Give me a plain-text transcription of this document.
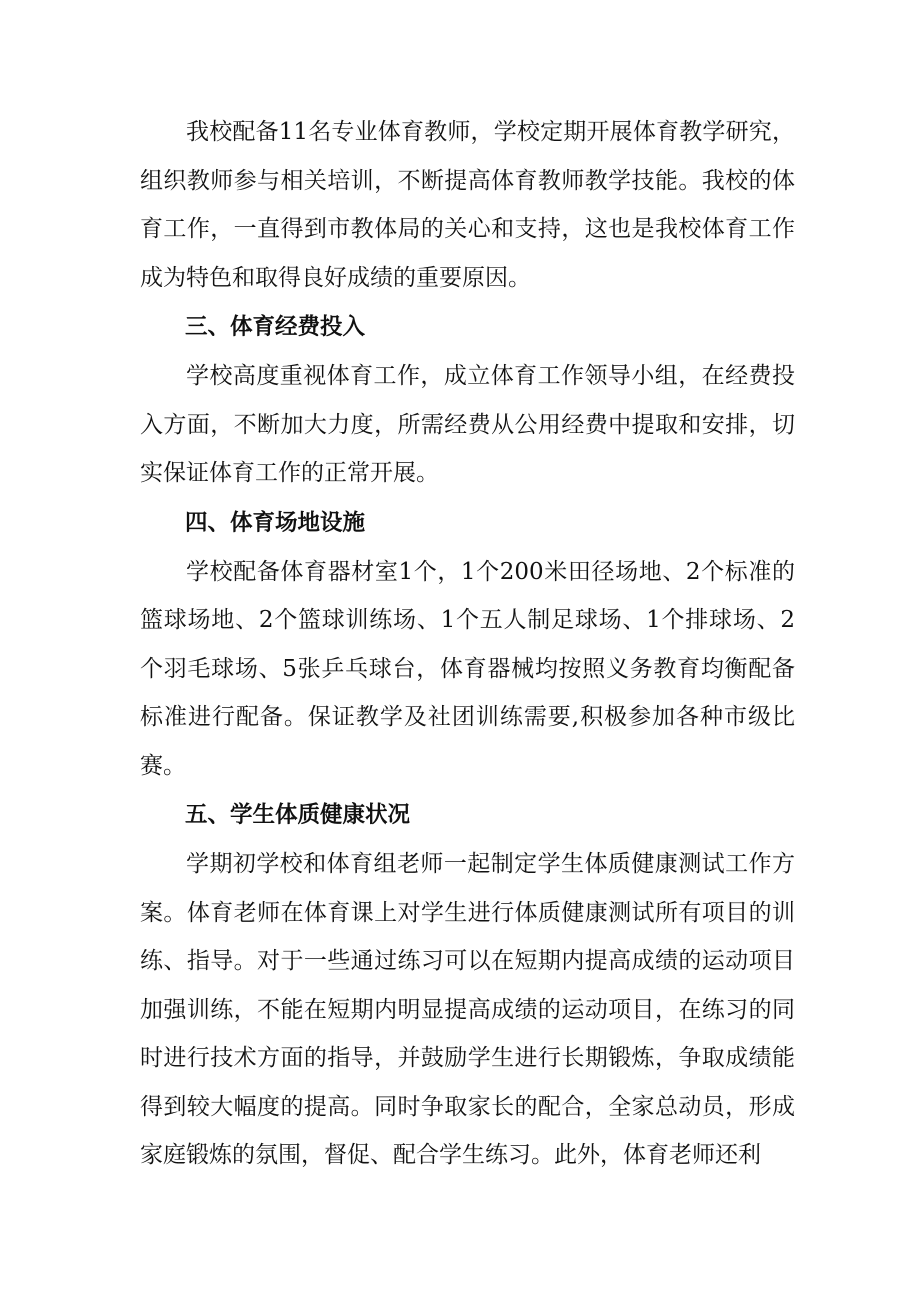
我校配备11名专业体育教师，学校定期开展体育教学研究，组织教师参与相关培训，不断提高体育教师教学技能。我校的体育工作，一直得到市教体局的关心和支持，这也是我校体育工作成为特色和取得良好成绩的重要原因。

三、体育经费投入

学校高度重视体育工作，成立体育工作领导小组，在经费投入方面，不断加大力度，所需经费从公用经费中提取和安排，切实保证体育工作的正常开展。

四、体育场地设施

学校配备体育器材室1个，1个200米田径场地、2个标准的篮球场地、2个篮球训练场、1个五人制足球场、1个排球场、2个羽毛球场、5张乒乓球台，体育器械均按照义务教育均衡配备标准进行配备。保证教学及社团训练需要,积极参加各种市级比赛。

五、学生体质健康状况

学期初学校和体育组老师一起制定学生体质健康测试工作方案。体育老师在体育课上对学生进行体质健康测试所有项目的训练、指导。对于一些通过练习可以在短期内提高成绩的运动项目加强训练，不能在短期内明显提高成绩的运动项目，在练习的同时进行技术方面的指导，并鼓励学生进行长期锻炼，争取成绩能得到较大幅度的提高。同时争取家长的配合，全家总动员，形成家庭锻炼的氛围，督促、配合学生练习。此外，体育老师还利
